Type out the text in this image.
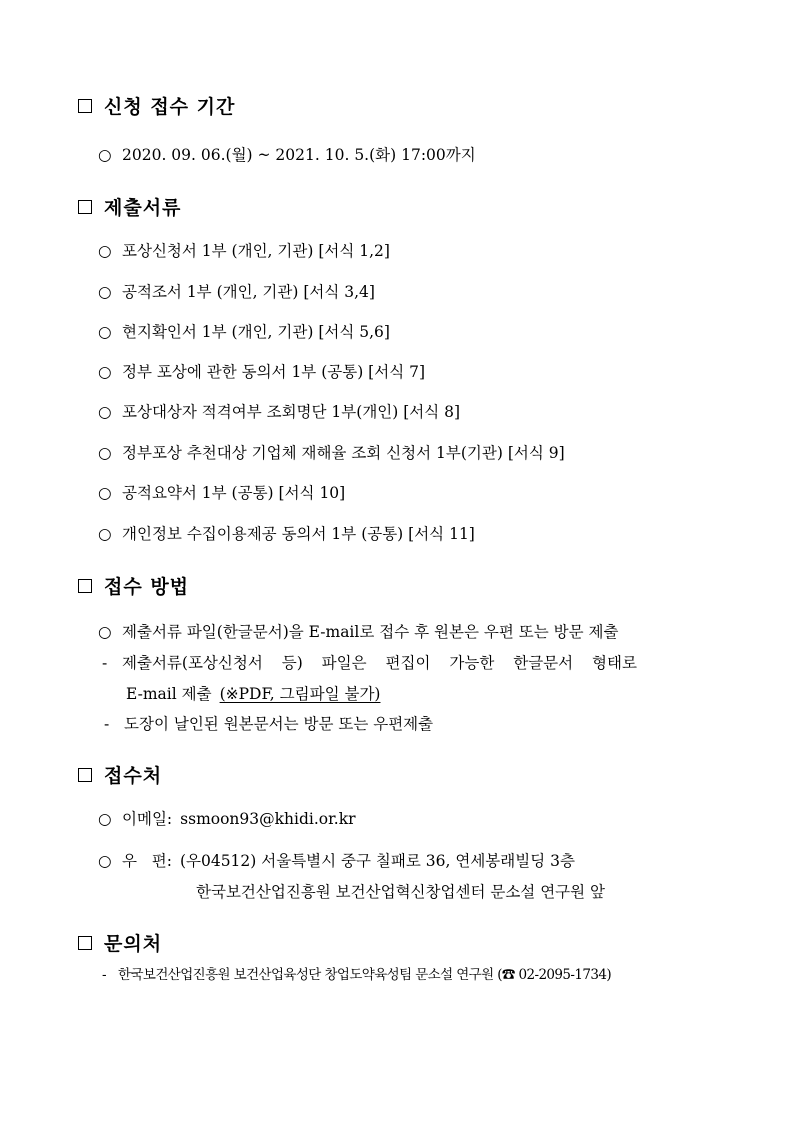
신청 접수 기간
○ 2020. 09. 06.(월) ~ 2021. 10. 5.(화) 17:00까지
제출서류
○ 포상신청서 1부 (개인, 기관) [서식 1,2]
○ 공적조서 1부 (개인, 기관) [서식 3,4]
○ 현지확인서 1부 (개인, 기관) [서식 5,6]
○ 정부 포상에 관한 동의서 1부 (공통) [서식 7]
○ 포상대상자 적격여부 조회명단 1부(개인) [서식 8]
○ 정부포상 추천대상 기업체 재해율 조회 신청서 1부(기관) [서식 9]
○ 공적요약서 1부 (공통) [서식 10]
○ 개인정보 수집이용제공 동의서 1부 (공통) [서식 11]
접수 방법
○ 제출서류 파일(한글문서)을 E-mail로 접수 후 원본은 우편 또는 방문 제출
- 제출서류(포상신청서 등) 파일은 편집이 가능한 한글문서 형태로
E-mail 제출 (※PDF, 그림파일 불가)
- 도장이 날인된 원본문서는 방문 또는 우편제출
접수처
○ 이메일: ssmoon93@khidi.or.kr
○ 우   편: (우04512) 서울특별시 중구 칠패로 36, 연세봉래빌딩 3층
한국보건산업진흥원 보건산업혁신창업센터 문소설 연구원 앞
문의처
- 한국보건산업진흥원 보건산업육성단 창업도약육성팀 문소설 연구원 (☎ 02-2095-1734)
